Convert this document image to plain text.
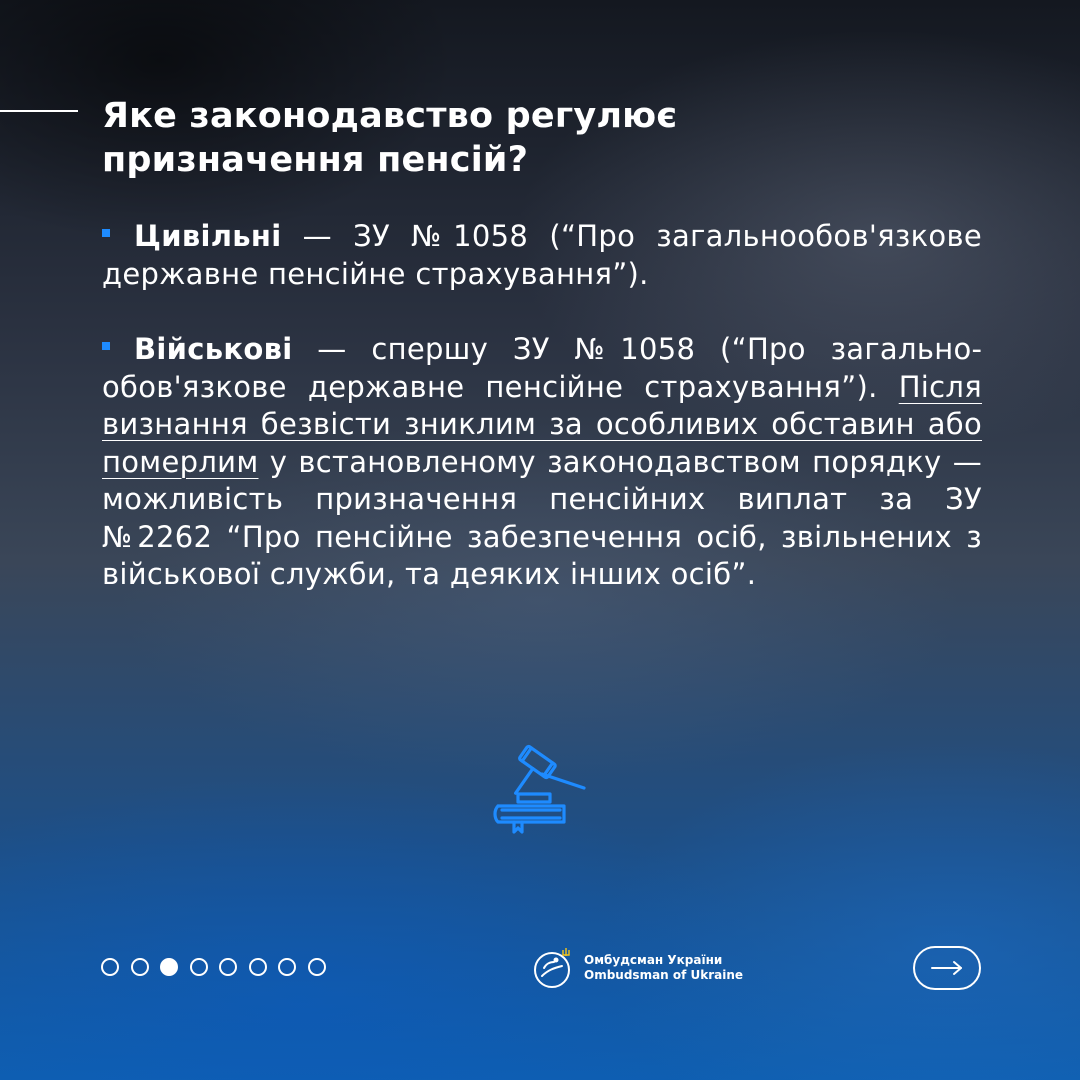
Яке законодавство регулює
призначення пенсій?
Цивільні — ЗУ №1058 (“Про загальнообов'язкове державне пенсійне страхування”).
Військові — спершу ЗУ №1058 (“Про загальнообов'язкове державне пенсійне страхування”). Після визнання безвісти зниклим за особливих обставин або померлим у встановленому законодавством порядку — можливість призначення пенсійних виплат за ЗУ №2262 “Про пенсійне забезпечення осіб, звільнених з військової служби, та деяких інших осіб”.
Омбудсман України
Ombudsman of Ukraine
